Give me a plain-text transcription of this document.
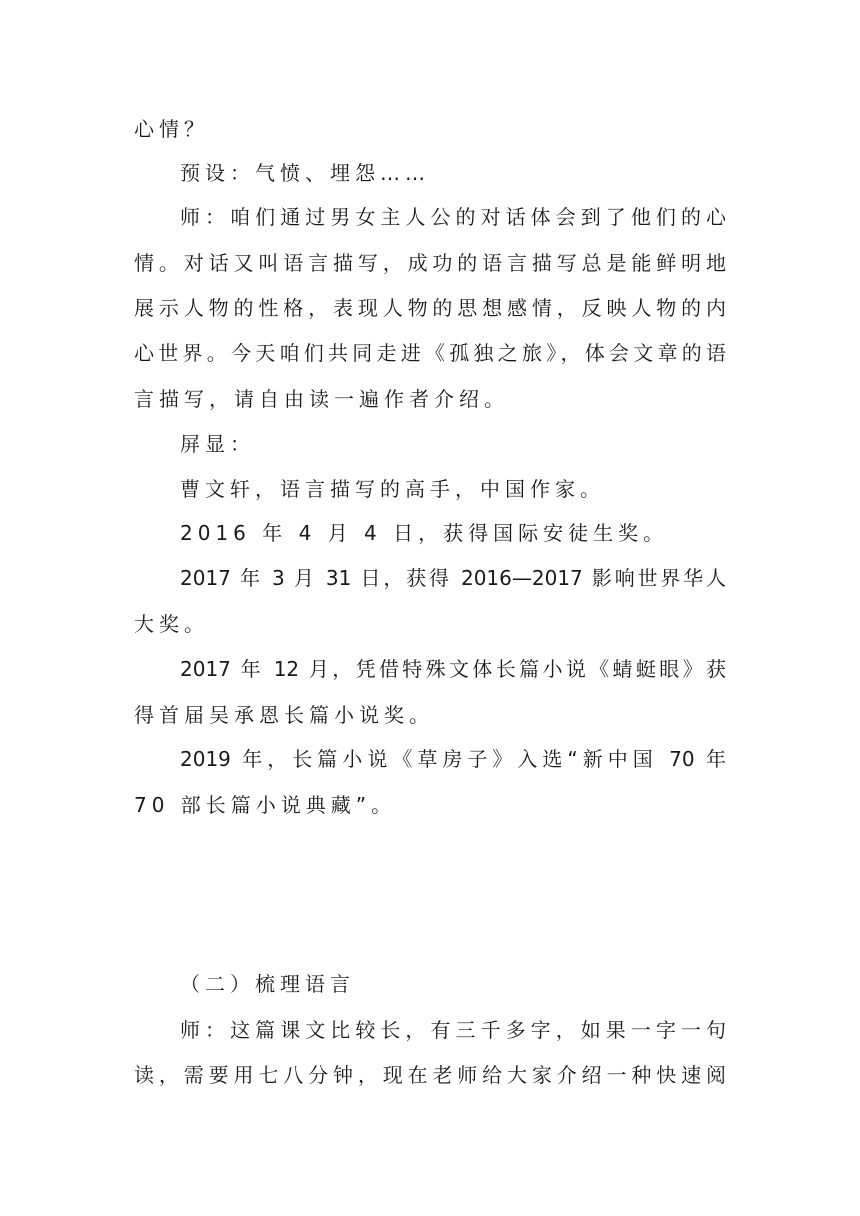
心情？
预设：气愤、埋怨……
师：咱们通过男女主人公的对话体会到了他们的心
情。对话又叫语言描写，成功的语言描写总是能鲜明地
展示人物的性格，表现人物的思想感情，反映人物的内
心世界。今天咱们共同走进《孤独之旅》，体会文章的语
言描写，请自由读一遍作者介绍。
屏显：
曹文轩，语言描写的高手，中国作家。
2016 年 4 月 4 日，获得国际安徒生奖。
2017 年 3 月 31 日，获得 2016—2017 影响世界华人
大奖。
2017 年 12 月，凭借特殊文体长篇小说《蜻蜓眼》获
得首届吴承恩长篇小说奖。
2019 年，长篇小说《草房子》入选“新中国 70 年
70 部长篇小说典藏”。
（二）梳理语言
师：这篇课文比较长，有三千多字，如果一字一句
读，需要用七八分钟，现在老师给大家介绍一种快速阅
